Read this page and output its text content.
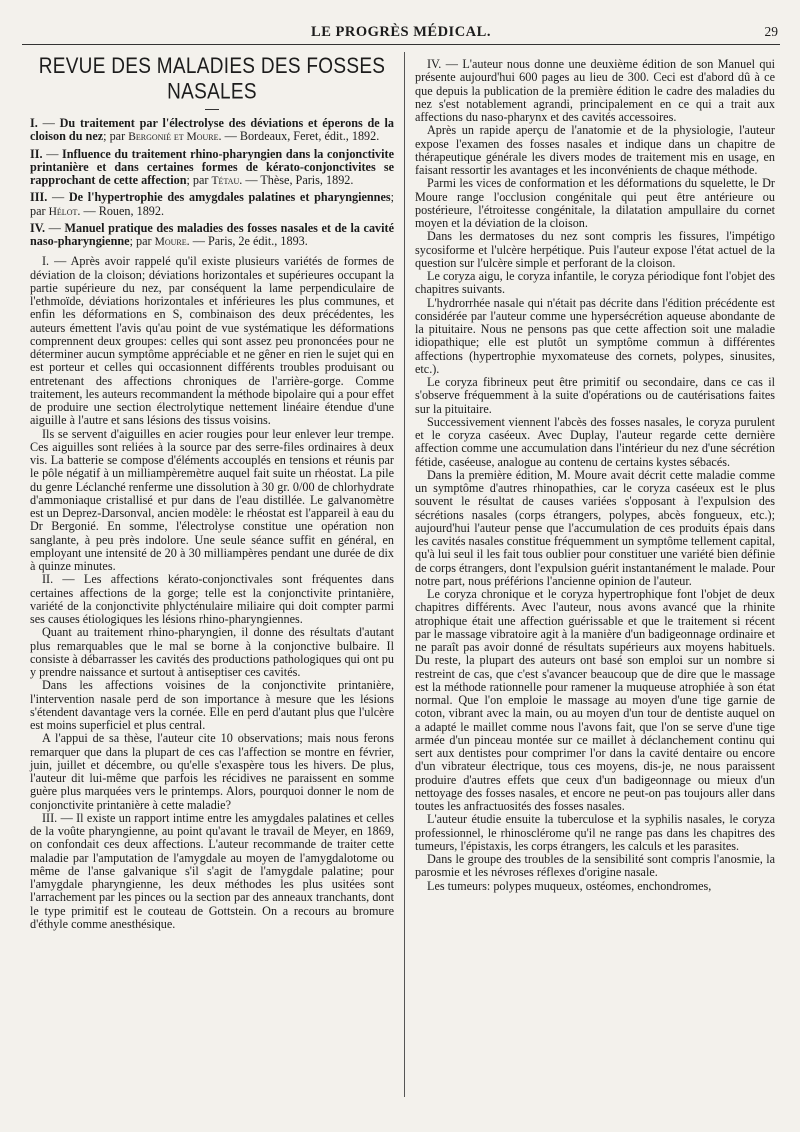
LE PROGRÈS MÉDICAL.	29
REVUE DES MALADIES DES FOSSES NASALES

I. — Du traitement par l'électrolyse des déviations et éperons de la cloison du nez; par Bergonié et Moure. — Bordeaux, Feret, édit., 1892.

II. — Influence du traitement rhino-pharyngien dans la conjonctivite printanière et dans certaines formes de kérato-conjonctivites se rapprochant de cette affection; par Tétau. — Thèse, Paris, 1892.

III. — De l'hypertrophie des amygdales palatines et pharyngiennes; par Hélot. — Rouen, 1892.

IV. — Manuel pratique des maladies des fosses nasales et de la cavité naso-pharyngienne; par Moure. — Paris, 2e édit., 1893.

I. — Après avoir rappelé qu'il existe plusieurs variétés de formes de déviation de la cloison; déviations horizontales et supérieures occupant la partie supérieure du nez, par conséquent la lame perpendiculaire de l'ethmoïde, déviations horizontales et inférieures les plus communes, et enfin les déformations en S, combinaison des deux précédentes, les auteurs émettent l'avis qu'au point de vue systématique les déformations comprennent deux groupes: celles qui sont assez peu prononcées pour ne déterminer aucun symptôme appréciable et ne gêner en rien le sujet qui en est porteur et celles qui occasionnent différents troubles produisant ou entretenant des affections chroniques de l'arrière-gorge. Comme traitement, les auteurs recommandent la méthode bipolaire qui a pour effet de produire une section électrolytique nettement linéaire étendue d'une aiguille à l'autre et sans lésions des tissus voisins.

Ils se servent d'aiguilles en acier rougies pour leur enlever leur trempe. Ces aiguilles sont reliées à la source par des serre-files ordinaires à deux vis. La batterie se compose d'éléments accouplés en tensions et réunis par le pôle négatif à un milliampèremètre auquel fait suite un rhéostat. La pile du genre Léclanché renferme une dissolution à 30 gr. 0/00 de chlorhydrate d'ammoniaque cristallisé et pur dans de l'eau distillée. Le galvanomètre est un Deprez-Darsonval, ancien modèle: le rhéostat est l'appareil à eau du Dr Bergonié. En somme, l'électrolyse constitue une opération non sanglante, à peu près indolore. Une seule séance suffit en général, en employant une intensité de 20 à 30 milliampères pendant une durée de dix à quinze minutes.

II. — Les affections kérato-conjonctivales sont fréquentes dans certaines affections de la gorge; telle est la conjonctivite printanière, variété de la conjonctivite phlycténulaire miliaire qui doit compter parmi ses causes étiologiques les lésions rhino-pharyngiennes.

Quant au traitement rhino-pharyngien, il donne des résultats d'autant plus remarquables que le mal se borne à la conjonctive bulbaire. Il consiste à débarrasser les cavités des productions pathologiques qui ont pu y prendre naissance et surtout à antiseptiser ces cavités.

Dans les affections voisines de la conjonctivite printanière, l'intervention nasale perd de son importance à mesure que les lésions s'étendent davantage vers la cornée. Elle en perd d'autant plus que l'ulcère est moins superficiel et plus central.

A l'appui de sa thèse, l'auteur cite 10 observations; mais nous ferons remarquer que dans la plupart de ces cas l'affection se montre en février, juin, juillet et décembre, ou qu'elle s'exaspère tous les hivers. De plus, l'auteur dit lui-même que parfois les récidives ne paraissent en somme guère plus marquées vers le printemps. Alors, pourquoi donner le nom de conjonctivite printanière à cette maladie?

III. — Il existe un rapport intime entre les amygdales palatines et celles de la voûte pharyngienne, au point qu'avant le travail de Meyer, en 1869, on confondait ces deux affections. L'auteur recommande de traiter cette maladie par l'amputation de l'amygdale au moyen de l'amygdalotome ou même de l'anse galvanique s'il s'agit de l'amygdale palatine; pour l'amygdale pharyngienne, les deux méthodes les plus usitées sont l'arrachement par les pinces ou la section par des anneaux tranchants, dont le type primitif est le couteau de Gottstein. On a recours au bromure d'éthyle comme anesthésique.

IV. — L'auteur nous donne une deuxième édition de son Manuel qui présente aujourd'hui 600 pages au lieu de 300. Ceci est d'abord dû à ce que depuis la publication de la première édition le cadre des maladies du nez s'est notablement agrandi, principalement en ce qui a trait aux affections du naso-pharynx et des cavités accessoires.

Après un rapide aperçu de l'anatomie et de la physiologie, l'auteur expose l'examen des fosses nasales et indique dans un chapitre de thérapeutique générale les divers modes de traitement mis en usage, en faisant ressortir les avantages et les inconvénients de chaque méthode.

Parmi les vices de conformation et les déformations du squelette, le Dr Moure range l'occlusion congénitale qui peut être antérieure ou postérieure, l'étroitesse congénitale, la dilatation ampullaire du cornet moyen et la déviation de la cloison.

Dans les dermatoses du nez sont compris les fissures, l'impétigo sycosiforme et l'ulcère herpétique. Puis l'auteur expose l'état actuel de la question sur l'ulcère simple et perforant de la cloison.

Le coryza aigu, le coryza infantile, le coryza périodique font l'objet des chapitres suivants.

L'hydrorrhée nasale qui n'était pas décrite dans l'édition précédente est considérée par l'auteur comme une hypersécrétion aqueuse abondante de la pituitaire. Nous ne pensons pas que cette affection soit une maladie idiopathique; elle est plutôt un symptôme commun à différentes affections (hypertrophie myxomateuse des cornets, polypes, sinusites, etc.).

Le coryza fibrineux peut être primitif ou secondaire, dans ce cas il s'observe fréquemment à la suite d'opérations ou de cautérisations faites sur la pituitaire.

Successivement viennent l'abcès des fosses nasales, le coryza purulent et le coryza caséeux. Avec Duplay, l'auteur regarde cette dernière affection comme une accumulation dans l'intérieur du nez d'une sécrétion fétide, caséeuse, analogue au contenu de certains kystes sébacés.

Dans la première édition, M. Moure avait décrit cette maladie comme un symptôme d'autres rhinopathies, car le coryza caséeux est le plus souvent le résultat de causes variées s'opposant à l'expulsion des sécrétions nasales (corps étrangers, polypes, abcès fongueux, etc.); aujourd'hui l'auteur pense que l'accumulation de ces produits épais dans les cavités nasales constitue fréquemment un symptôme tellement capital, qu'à lui seul il les fait tous oublier pour constituer une variété bien définie de corps étrangers, dont l'expulsion guérit instantanément le malade. Pour notre part, nous préférions l'ancienne opinion de l'auteur.

Le coryza chronique et le coryza hypertrophique font l'objet de deux chapitres différents. Avec l'auteur, nous avons avancé que la rhinite atrophique était une affection guérissable et que le traitement si récent par le massage vibratoire agit à la manière d'un badigeonnage ordinaire et ne paraît pas avoir donné de résultats supérieurs aux moyens habituels. Du reste, la plupart des auteurs ont basé son emploi sur un nombre si restreint de cas, que c'est s'avancer beaucoup que de dire que le massage est la méthode rationnelle pour ramener la muqueuse atrophiée à son état normal. Que l'on emploie le massage au moyen d'une tige garnie de coton, vibrant avec la main, ou au moyen d'un tour de dentiste auquel on a adapté le maillet comme nous l'avons fait, que l'on se serve d'une tige armée d'un pinceau montée sur ce maillet à déclanchement continu qui sert aux dentistes pour comprimer l'or dans la cavité dentaire ou encore d'un vibrateur électrique, tous ces moyens, dis-je, ne nous paraissent produire d'autres effets que ceux d'un badigeonnage ou mieux d'un nettoyage des fosses nasales, et encore ne peut-on pas toujours aller dans toutes les anfractuosités des fosses nasales.

L'auteur étudie ensuite la tuberculose et la syphilis nasales, le coryza professionnel, le rhinosclérome qu'il ne range pas dans les chapitres des tumeurs, l'épistaxis, les corps étrangers, les calculs et les parasites.

Dans le groupe des troubles de la sensibilité sont compris l'anosmie, la parosmie et les névroses réflexes d'origine nasale.

Les tumeurs: polypes muqueux, ostéomes, enchondromes,
